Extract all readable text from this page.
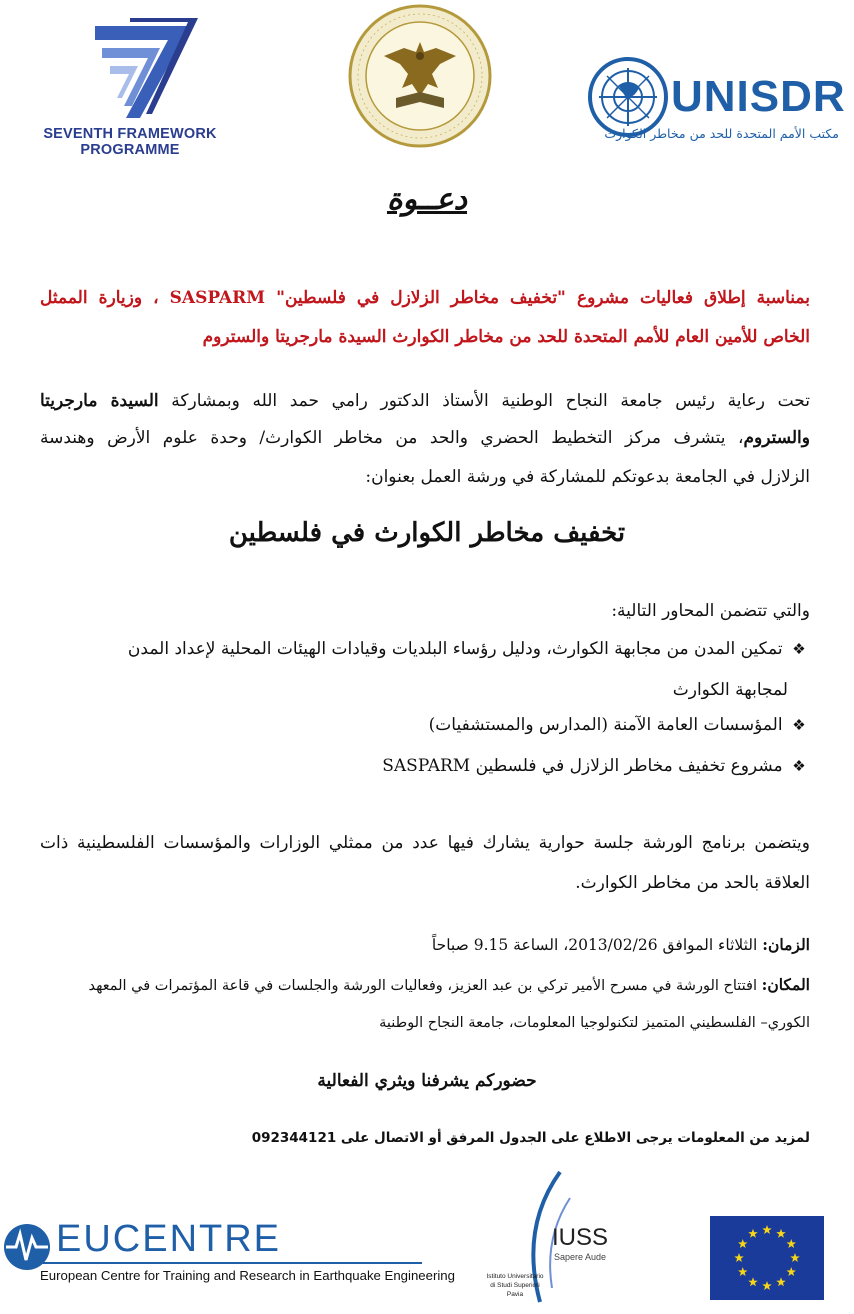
SEVENTH FRAMEWORK
PROGRAMME
UNISDR
مكتب الأمم المتحدة للحد من مخاطر الكوارث
دعــوة
بمناسبة إطلاق فعاليات مشروع "تخفيف مخاطر الزلازل في فلسطين" SASPARM ، وزيارة الممثل
الخاص للأمين العام للأمم المتحدة للحد من مخاطر الكوارث السيدة مارجريتا والستروم
تحت رعاية رئيس جامعة النجاح الوطنية الأستاذ الدكتور رامي حمد الله وبمشاركة السيدة مارجريتا
والستروم، يتشرف مركز التخطيط الحضري والحد من مخاطر الكوارث/ وحدة علوم الأرض وهندسة
الزلازل في الجامعة بدعوتكم للمشاركة في ورشة العمل بعنوان:
تخفيف مخاطر الكوارث في فلسطين
والتي تتضمن المحاور التالية:
❖ تمكين المدن من مجابهة الكوارث، ودليل رؤساء البلديات وقيادات الهيئات المحلية لإعداد المدن
لمجابهة الكوارث
❖ المؤسسات العامة الآمنة (المدارس والمستشفيات)
❖ مشروع تخفيف مخاطر الزلازل في فلسطين SASPARM
ويتضمن برنامج الورشة جلسة حوارية يشارك فيها عدد من ممثلي الوزارات والمؤسسات الفلسطينية ذات
العلاقة بالحد من مخاطر الكوارث.
الزمان: الثلاثاء الموافق 2013/02/26، الساعة 9.15 صباحاً
المكان: افتتاح الورشة في مسرح الأمير تركي بن عبد العزيز، وفعاليات الورشة والجلسات في قاعة المؤتمرات في المعهد
الكوري– الفلسطيني المتميز لتكنولوجيا المعلومات، جامعة النجاح الوطنية
حضوركم يشرفنا ويثري الفعالية
لمزيد من المعلومات يرجى الاطلاع على الجدول المرفق أو الاتصال على 092344121
EUCENTRE
European Centre for Training and Research in Earthquake Engineering
IUSS
Sapere Aude
Istituto Universitario
di Studi Superiori
Pavia
